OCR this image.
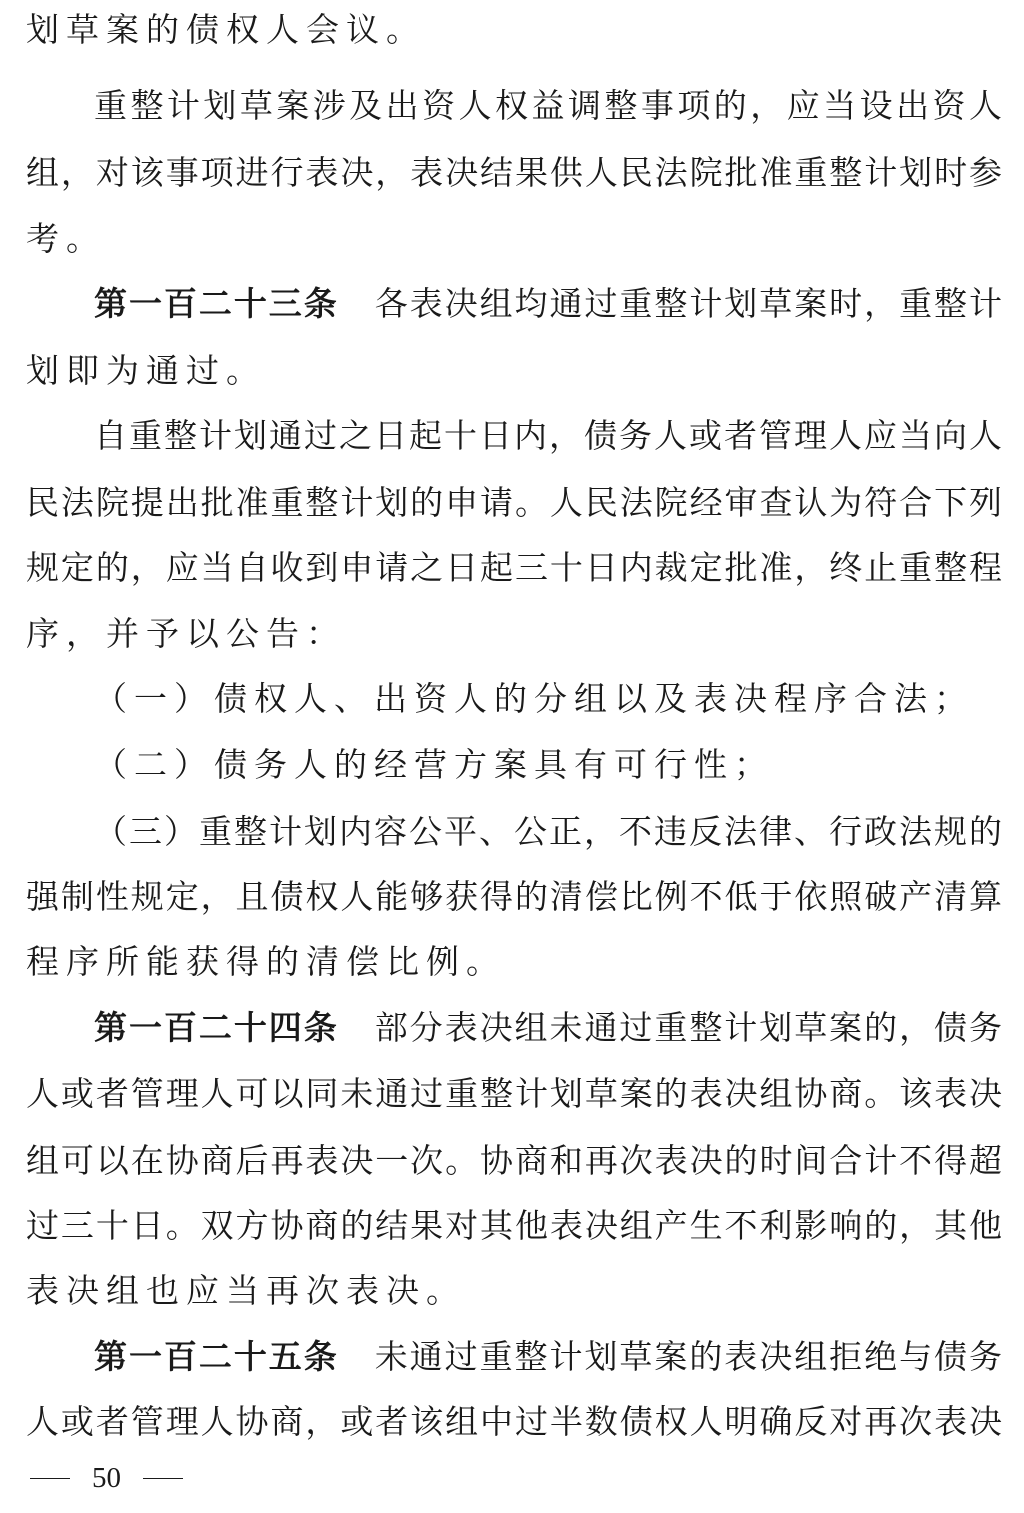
划草案的债权人会议。
重整计划草案涉及出资人权益调整事项的，应当设出资人
组，对该事项进行表决，表决结果供人民法院批准重整计划时参
考。
第一百二十三条 各表决组均通过重整计划草案时，重整计
划即为通过。
自重整计划通过之日起十日内，债务人或者管理人应当向人
民法院提出批准重整计划的申请。人民法院经审查认为符合下列
规定的，应当自收到申请之日起三十日内裁定批准，终止重整程
序，并予以公告：
（一）债权人、出资人的分组以及表决程序合法；
（二）债务人的经营方案具有可行性；
（三）重整计划内容公平、公正，不违反法律、行政法规的
强制性规定，且债权人能够获得的清偿比例不低于依照破产清算
程序所能获得的清偿比例。
第一百二十四条 部分表决组未通过重整计划草案的，债务
人或者管理人可以同未通过重整计划草案的表决组协商。该表决
组可以在协商后再表决一次。协商和再次表决的时间合计不得超
过三十日。双方协商的结果对其他表决组产生不利影响的，其他
表决组也应当再次表决。
第一百二十五条 未通过重整计划草案的表决组拒绝与债务
人或者管理人协商，或者该组中过半数债权人明确反对再次表决
50
